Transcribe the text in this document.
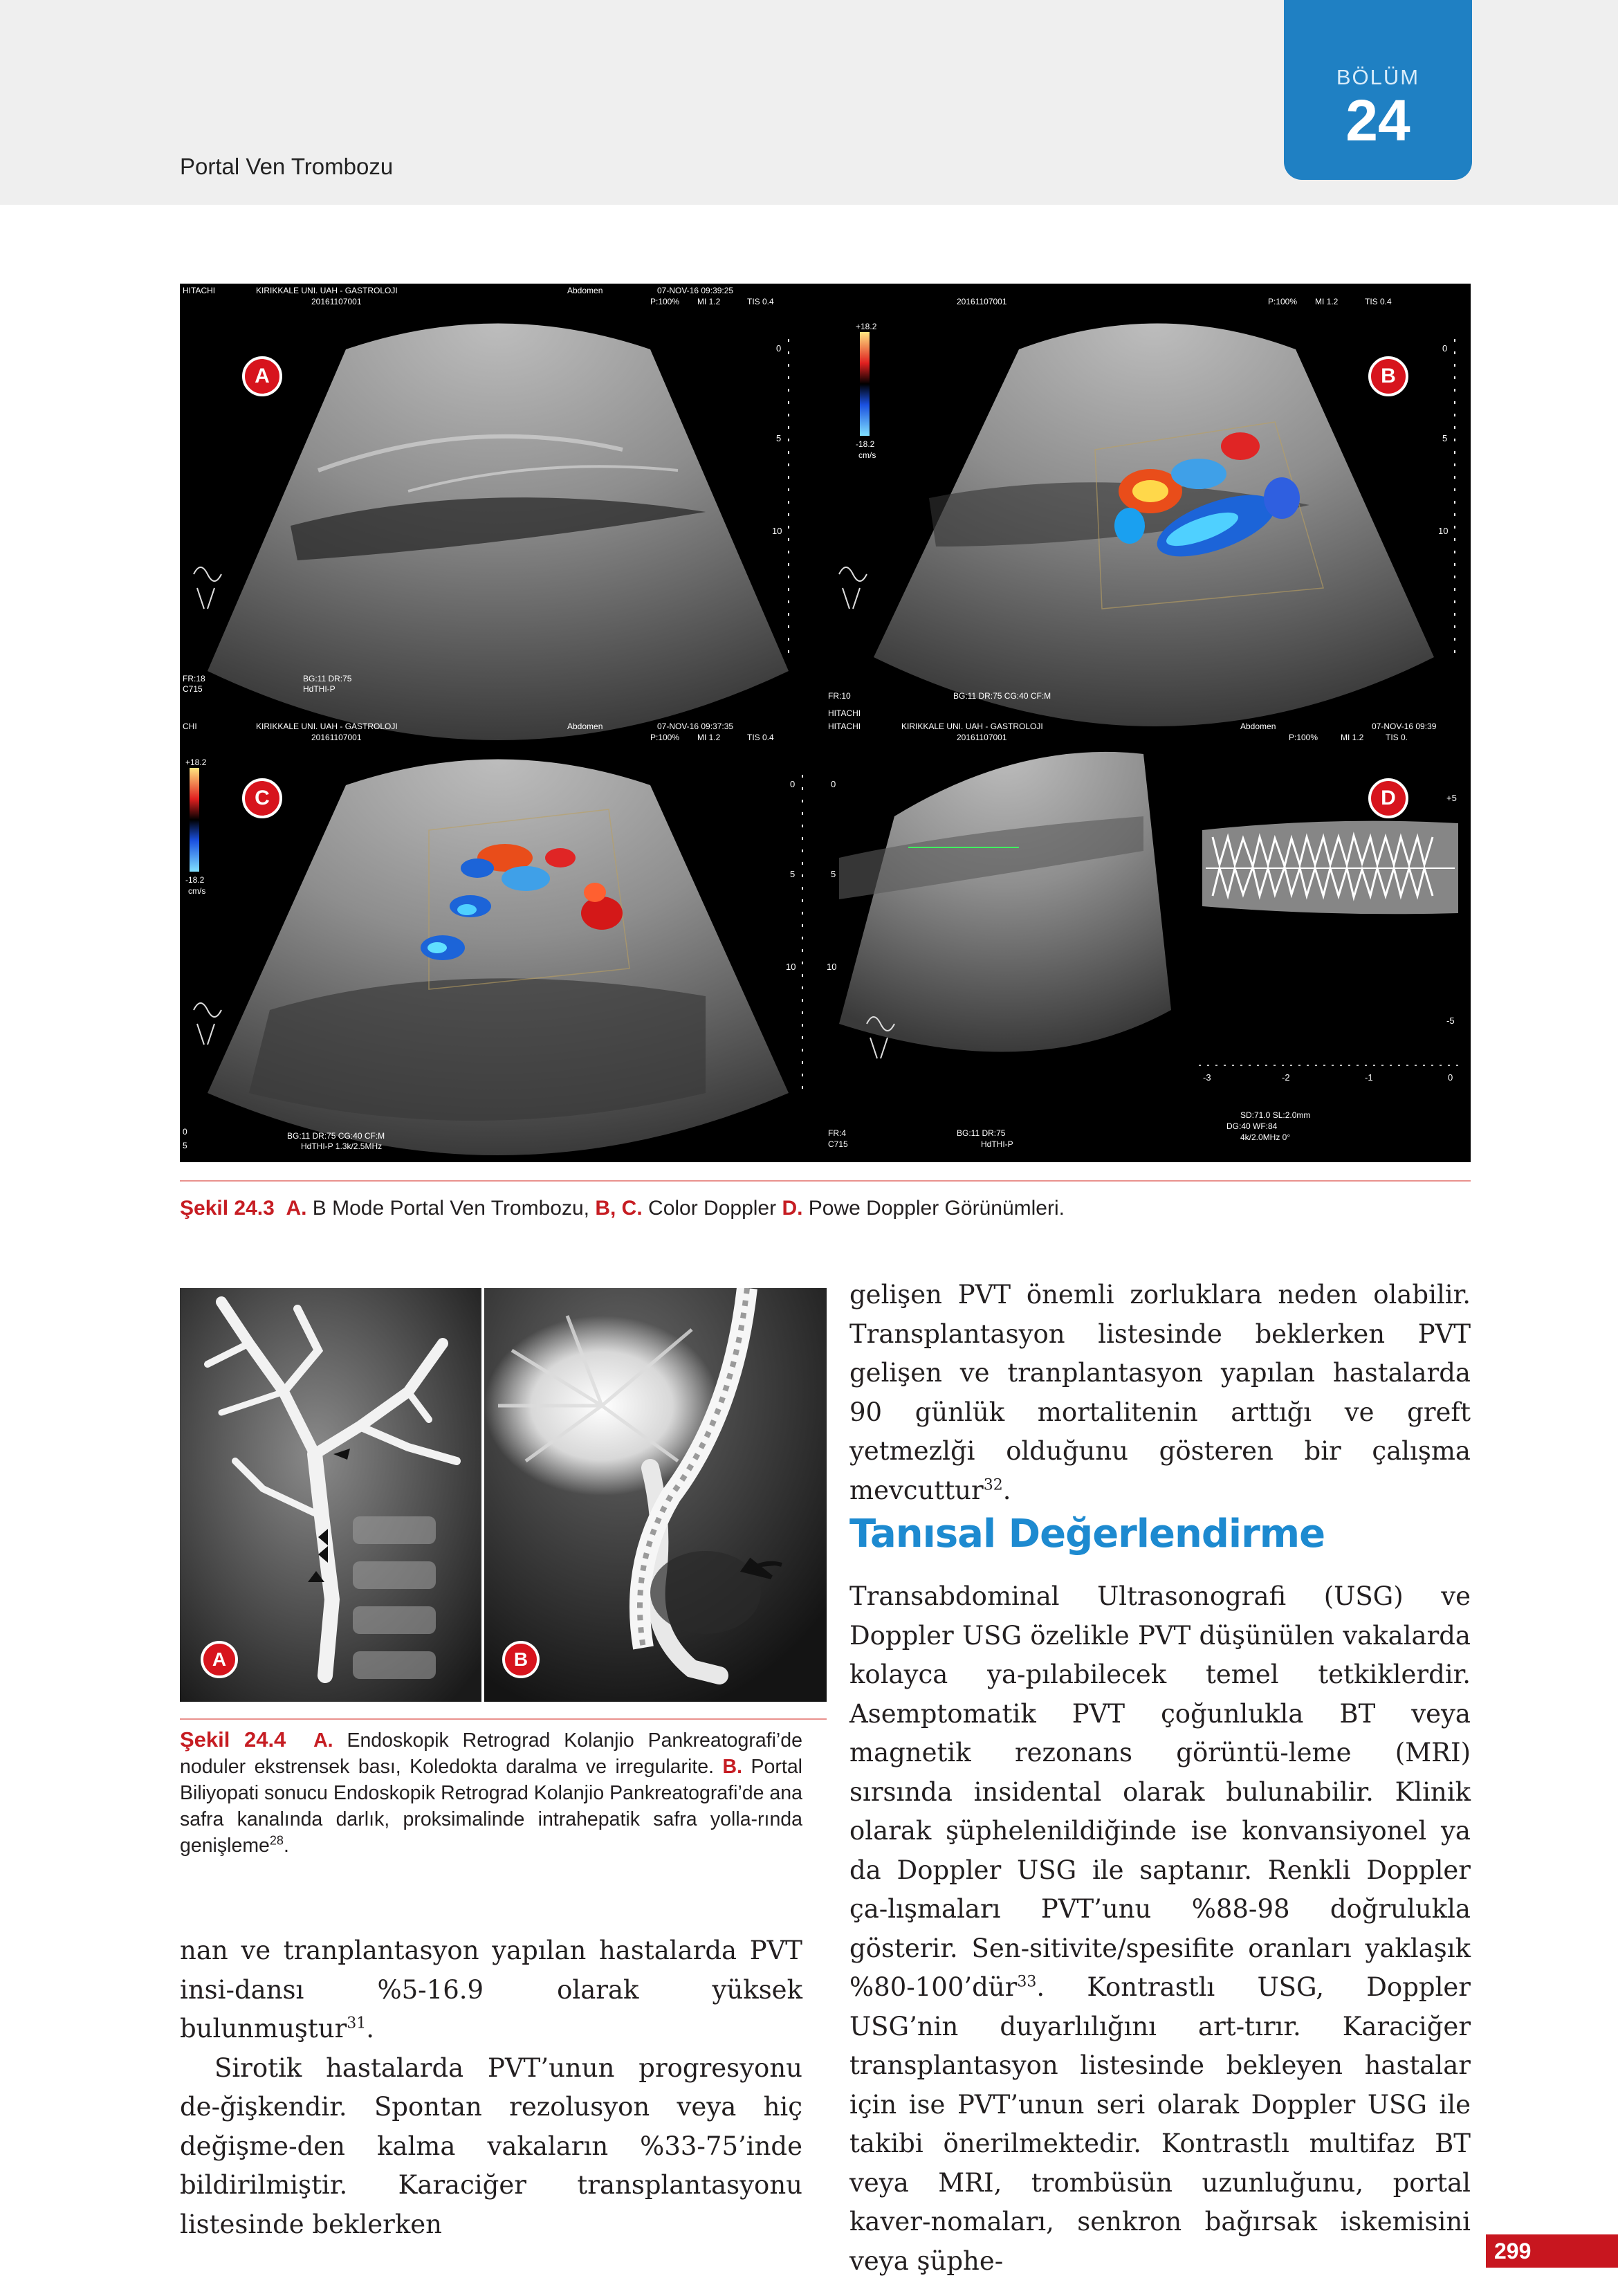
Portal Ven Trombozu
BÖLÜM
24
HITACHI	KIRIKKALE UNI. UAH - GASTROLOJI
20161107001
Abdomen	07-NOV-16 09:39:25
P:100% MI 1.2	TIS 0.4
0
5
10
FR:18
C715
BG:11 DR:75
HdTHI-P
+18.2
-18.2
cm/s
20161107001	P:100% MI 1.2	TIS 0.4
0
5
10
FR:10
HITACHI
BG:11 DR:75 CG:40 CF:M
+18.2
-18.2
cm/s
CHI	KIRIKKALE UNI. UAH - GASTROLOJI
20161107001
Abdomen	07-NOV-16 09:37:35
P:100% MI 1.2	TIS 0.4
0
5
10
0
5
BG:11 DR:75 CG:40 CF:M
HdTHI-P 1.3k/2.5MHz
-3	-2	-1	0
+5
-5
HITACHI	KIRIKKALE UNI. UAH - GASTROLOJI
20161107001
Abdomen	07-NOV-16 09:39
P:100%	MI 1.2	TIS 0.
0
5
10
SD:71.0 SL:2.0mm
DG:40 WF:84
4k/2.0MHz 0°
FR:4
C715
BG:11 DR:75
HdTHI-P
A	B
C	D
Şekil 24.3 A. B Mode Portal Ven Trombozu, B, C. Color Doppler D. Powe Doppler Görünümleri.
A	B
Şekil 24.4 A. Endoskopik Retrograd Kolanjio Pankreatografi’de noduler ekstrensek bası, Koledokta daralma ve irregularite. B. Portal Biliyopati sonucu Endoskopik Retrograd Kolanjio Pankreatografi’de ana safra kanalında darlık, proksimalinde intrahepatik safra yolla-rında genişleme$^{28}$.

nan ve tranplantasyon yapılan hastalarda PVT insi-dansı %5-16.9 olarak yüksek bulunmuştur$^{31}$.

Sirotik hastalarda PVT’unun progresyonu de-ğişkendir. Spontan rezolusyon veya hiç değişme-den kalma vakaların %33-75’inde bildirilmiştir. Karaciğer transplantasyonu listesinde beklerken

gelişen PVT önemli zorluklara neden olabilir. Transplantasyon listesinde beklerken PVT gelişen ve tranplantasyon yapılan hastalarda 90 günlük mortalitenin arttığı ve greft yetmezlği olduğunu gösteren bir çalışma mevcuttur$^{32}$.

Tanısal Değerlendirme

Transabdominal Ultrasonografi (USG) ve Doppler USG özelikle PVT düşünülen vakalarda kolayca ya-pılabilecek temel tetkiklerdir. Asemptomatik PVT çoğunlukla BT veya magnetik rezonans görüntü-leme (MRI) sırsında insidental olarak bulunabilir. Klinik olarak şüphelenildiğinde ise konvansiyonel ya da Doppler USG ile saptanır. Renkli Doppler ça-lışmaları PVT’unu %88-98 doğrulukla gösterir. Sen-sitivite/spesifite oranları yaklaşık %80-100’dür$^{33}$. Kontrastlı USG, Doppler USG’nin duyarlılığını art-tırır. Karaciğer transplantasyon listesinde bekleyen hastalar için ise PVT’unun seri olarak Doppler USG ile takibi önerilmektedir. Kontrastlı multifaz BT veya MRI, trombüsün uzunluğunu, portal kaver-nomaları, senkron bağırsak iskemisini veya şüphe-	299
